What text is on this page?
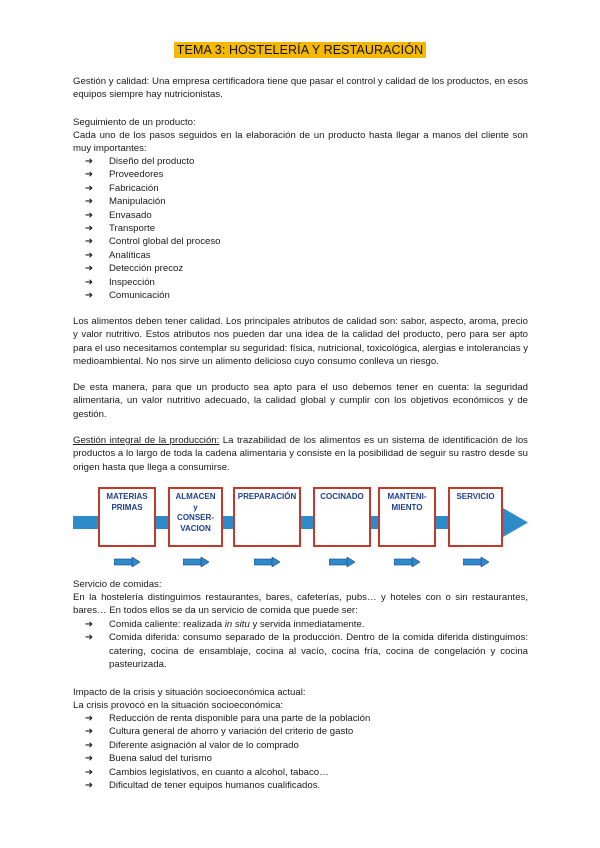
TEMA 3: HOSTELERÍA Y RESTAURACIÓN

Gestión y calidad: Una empresa certificadora tiene que pasar el control y calidad de los productos, en esos equipos siempre hay nutricionistas.

Seguimiento de un producto:

Cada uno de los pasos seguidos en la elaboración de un producto hasta llegar a manos del cliente son muy importantes:

➔ Diseño del producto
➔ Proveedores
➔ Fabricación
➔ Manipulación
➔ Envasado
➔ Transporte
➔ Control global del proceso
➔ Analíticas
➔ Detección precoz
➔ Inspección
➔ Comunicación

Los alimentos deben tener calidad. Los principales atributos de calidad son: sabor, aspecto, aroma, precio y valor nutritivo. Estos atributos nos pueden dar una idea de la calidad del producto, pero para ser apto para el uso necesitamos contemplar su seguridad: física, nutricional, toxicológica, alergias e intolerancias y medioambiental. No nos sirve un alimento delicioso cuyo consumo conlleva un riesgo.

De esta manera, para que un producto sea apto para el uso debemos tener en cuenta: la seguridad alimentaria, un valor nutritivo adecuado, la calidad global y cumplir con los objetivos económicos y de gestión.

Gestión integral de la producción: La trazabilidad de los alimentos es un sistema de identificación de los productos a lo largo de toda la cadena alimentaria y consiste en la posibilidad de seguir su rastro desde su origen hasta que llega a consumirse.

MATERIAS
PRIMAS
ALMACEN
y
CONSER-
VACION
PREPARACIÓN	COCINADO	MANTENI-
MIENTO
SERVICIO

Servicio de comidas:

En la hostelería distinguimos restaurantes, bares, cafeterías, pubs… y hoteles con o sin restaurantes, bares… En todos ellos se da un servicio de comida que puede ser:

➔ Comida caliente: realizada in situ y servida inmediatamente.
➔ Comida diferida: consumo separado de la producción. Dentro de la comida diferida distinguimos: catering, cocina de ensamblaje, cocina al vacío, cocina fría, cocina de congelación y cocina pasteurizada.

Impacto de la crisis y situación socioeconómica actual:

La crisis provocó en la situación socioeconómica:

➔ Reducción de renta disponible para una parte de la población
➔ Cultura general de ahorro y variación del criterio de gasto
➔ Diferente asignación al valor de lo comprado
➔ Buena salud del turismo
➔ Cambios legislativos, en cuanto a alcohol, tabaco…
➔ Dificultad de tener equipos humanos cualificados.
